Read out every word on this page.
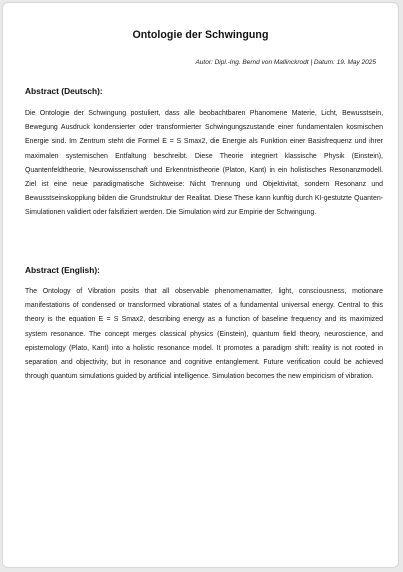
Ontologie der Schwingung
Autor: Dipl.-Ing. Bernd von Mallinckrodt | Datum: 19. May 2025
Abstract (Deutsch):
Die Ontologie der Schwingung postuliert, dass alle beobachtbaren Phanomene Materie, Licht, Bewusstsein, Bewegung Ausdruck kondensierter oder transformierter Schwingungszustande einer fundamentalen kosmischen Energie sind. Im Zentrum steht die Formel E = S Smax2, die Energie als Funktion einer Basisfrequenz und ihrer maximalen systemischen Entfaltung beschreibt. Diese Theorie integriert klassische Physik (Einstein), Quantenfeldtheorie, Neurowissenschaft und Erkenntnistheorie (Platon, Kant) in ein holistisches Resonanzmodell. Ziel ist eine neue paradigmatische Sichtweise: Nicht Trennung und Objektivitat, sondern Resonanz und Bewusstseinskopplung bilden die Grundstruktur der Realitat. Diese These kann kunftig durch KI-gestutzte Quanten-Simulationen validiert oder falsifiziert werden. Die Simulation wird zur Empirie der Schwingung.
Abstract (English):
The Ontology of Vibration posits that all observable phenomenamatter, light, consciousness, motionare manifestations of condensed or transformed vibrational states of a fundamental universal energy. Central to this theory is the equation E = S Smax2, describing energy as a function of baseline frequency and its maximized system resonance. The concept merges classical physics (Einstein), quantum field theory, neuroscience, and epistemology (Plato, Kant) into a holistic resonance model. It promotes a paradigm shift: reality is not rooted in separation and objectivity, but in resonance and cognitive entanglement. Future verification could be achieved through quantum simulations guided by artificial intelligence. Simulation becomes the new empiricism of vibration.
